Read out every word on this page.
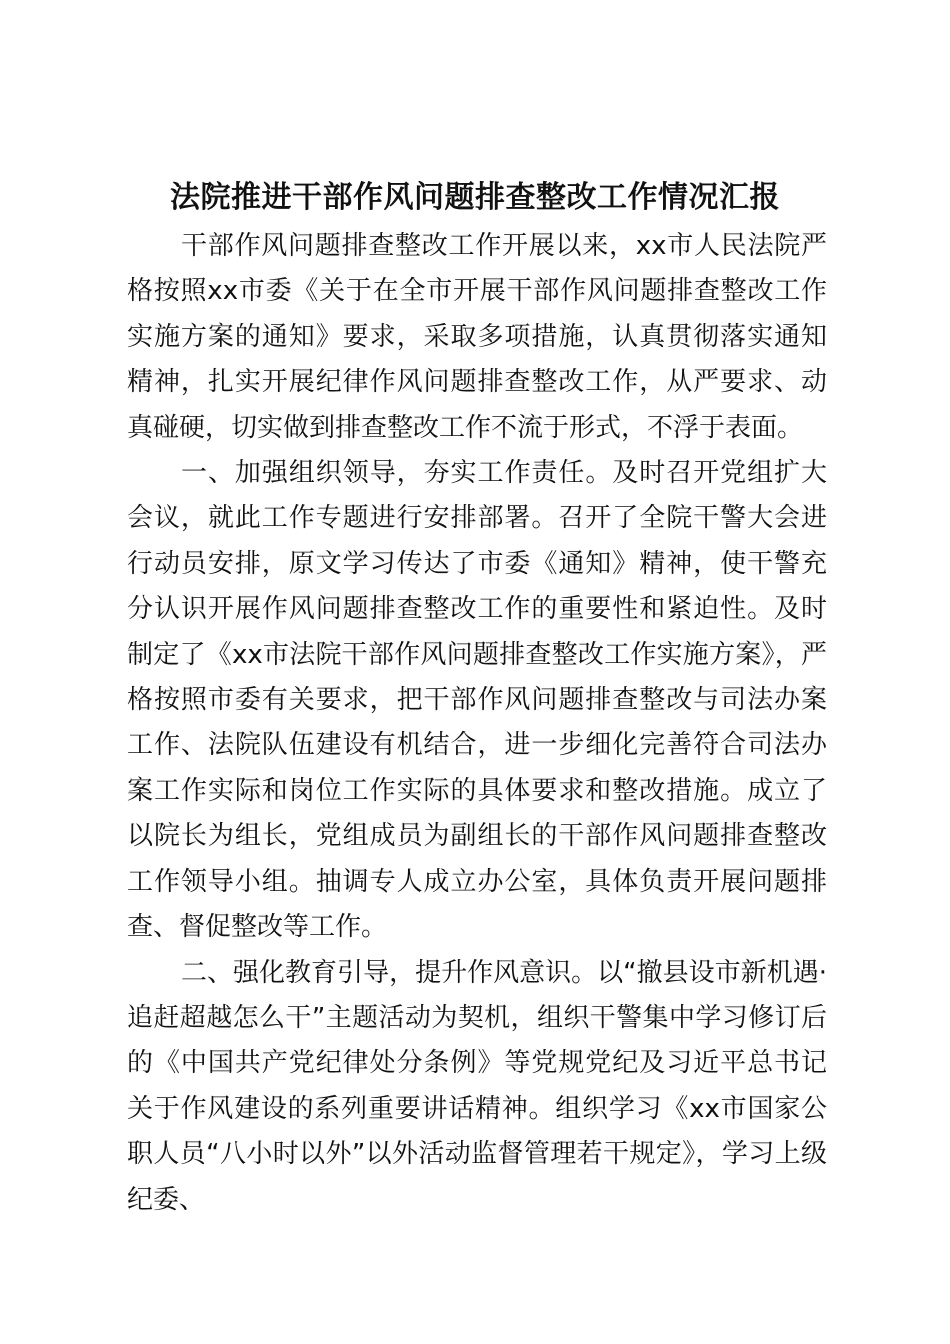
法院推进干部作风问题排查整改工作情况汇报

干部作风问题排查整改工作开展以来，xx市人民法院严格按照xx市委《关于在全市开展干部作风问题排查整改工作实施方案的通知》要求，采取多项措施，认真贯彻落实通知精神，扎实开展纪律作风问题排查整改工作，从严要求、动真碰硬，切实做到排查整改工作不流于形式，不浮于表面。

一、加强组织领导，夯实工作责任。及时召开党组扩大会议，就此工作专题进行安排部署。召开了全院干警大会进行动员安排，原文学习传达了市委《通知》精神，使干警充分认识开展作风问题排查整改工作的重要性和紧迫性。及时制定了《xx市法院干部作风问题排查整改工作实施方案》，严格按照市委有关要求，把干部作风问题排查整改与司法办案工作、法院队伍建设有机结合，进一步细化完善符合司法办案工作实际和岗位工作实际的具体要求和整改措施。成立了以院长为组长，党组成员为副组长的干部作风问题排查整改工作领导小组。抽调专人成立办公室，具体负责开展问题排查、督促整改等工作。

二、强化教育引导，提升作风意识。以“撤县设市新机遇·追赶超越怎么干”主题活动为契机，组织干警集中学习修订后的《中国共产党纪律处分条例》等党规党纪及习近平总书记关于作风建设的系列重要讲话精神。组织学习《xx市国家公职人员“八小时以外”以外活动监督管理若干规定》，学习上级纪委、
